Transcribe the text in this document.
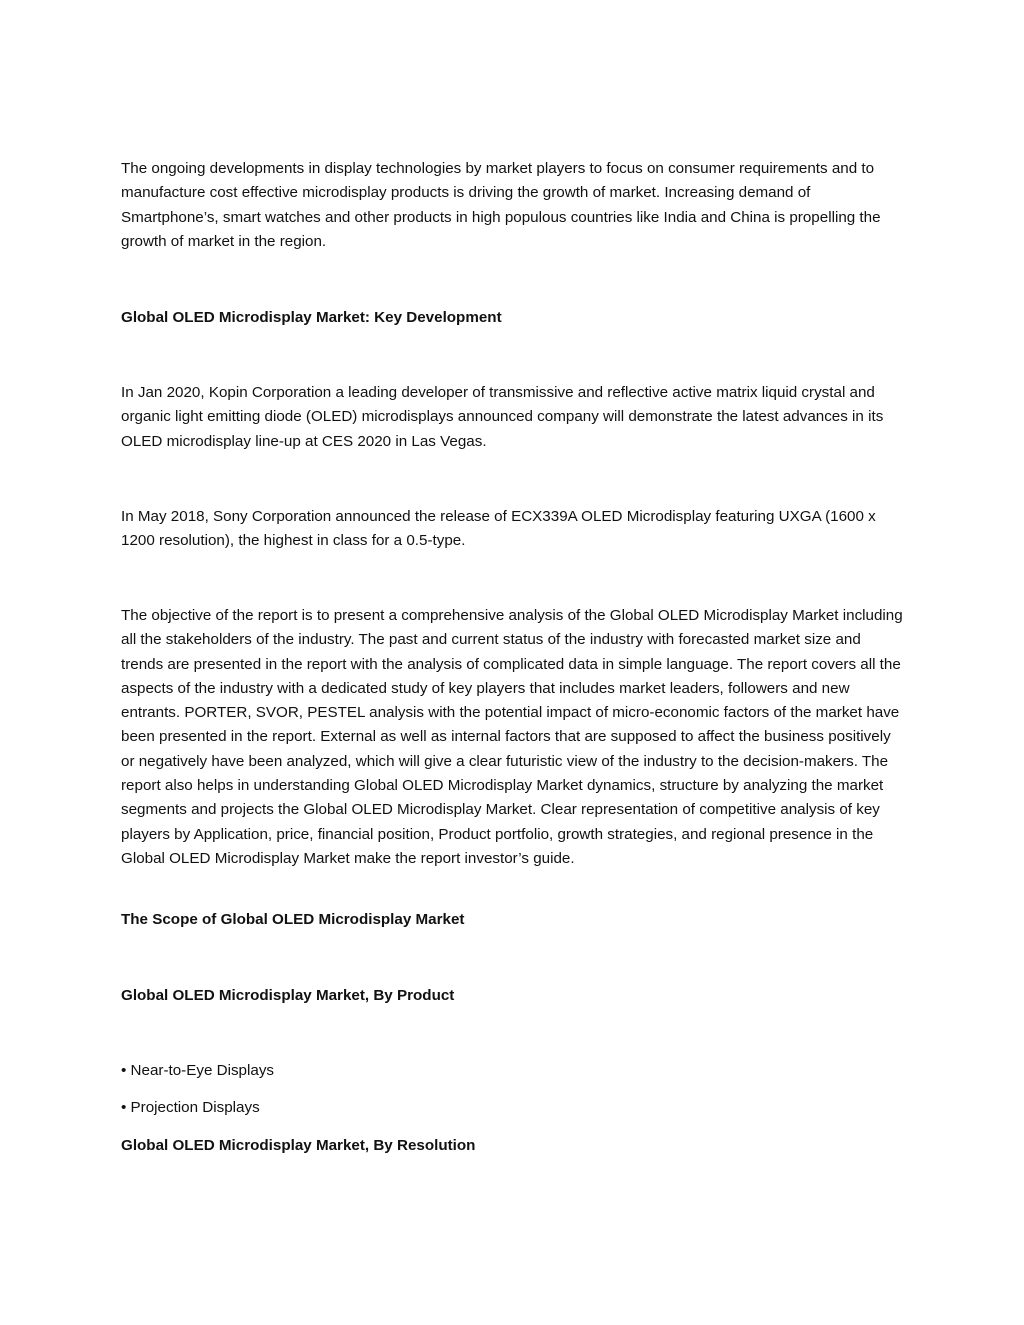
The ongoing developments in display technologies by market players to focus on consumer requirements and to manufacture cost effective microdisplay products is driving the growth of market. Increasing demand of Smartphone’s, smart watches and other products in high populous countries like India and China is propelling the growth of market in the region.

Global OLED Microdisplay Market: Key Development

In Jan 2020, Kopin Corporation a leading developer of transmissive and reflective active matrix liquid crystal and organic light emitting diode (OLED) microdisplays announced company will demonstrate the latest advances in its OLED microdisplay line-up at CES 2020 in Las Vegas.

In May 2018, Sony Corporation announced the release of ECX339A OLED Microdisplay featuring UXGA (1600 x 1200 resolution), the highest in class for a 0.5-type.

The objective of the report is to present a comprehensive analysis of the Global OLED Microdisplay Market including all the stakeholders of the industry. The past and current status of the industry with forecasted market size and trends are presented in the report with the analysis of complicated data in simple language. The report covers all the aspects of the industry with a dedicated study of key players that includes market leaders, followers and new entrants. PORTER, SVOR, PESTEL analysis with the potential impact of micro-economic factors of the market have been presented in the report. External as well as internal factors that are supposed to affect the business positively or negatively have been analyzed, which will give a clear futuristic view of the industry to the decision-makers. The report also helps in understanding Global OLED Microdisplay Market dynamics, structure by analyzing the market segments and projects the Global OLED Microdisplay Market. Clear representation of competitive analysis of key players by Application, price, financial position, Product portfolio, growth strategies, and regional presence in the Global OLED Microdisplay Market make the report investor’s guide.

The Scope of Global OLED Microdisplay Market

Global OLED Microdisplay Market, By Product

• Near-to-Eye Displays

• Projection Displays

Global OLED Microdisplay Market, By Resolution
